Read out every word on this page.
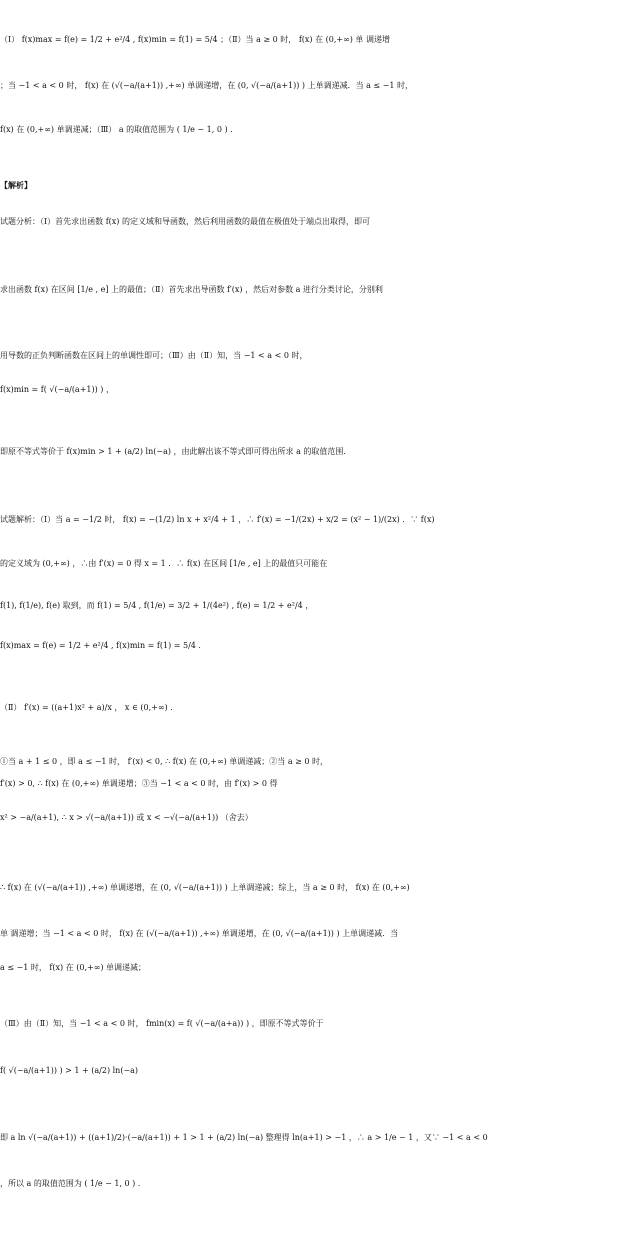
（Ⅰ） f(x)max = f(e) = 1/2 + e²/4 , f(x)min = f(1) = 5/4 ；（Ⅱ）当 a ≥ 0 时， f(x) 在 (0,+∞) 单 调递增
；当 −1 < a < 0 时， f(x) 在 (√(−a/(a+1)) ,+∞) 单调递增，在 (0, √(−a/(a+1)) ) 上单调递减．当 a ≤ −1 时，
f(x) 在 (0,+∞) 单调递减；（Ⅲ） a 的取值范围为 ( 1/e − 1, 0 ) ．
【解析】
试题分析：（Ⅰ）首先求出函数 f(x) 的定义域和导函数，然后利用函数的最值在极值处于端点出取得，即可
求出函数 f(x) 在区间 [1/e , e] 上的最值；（Ⅱ）首先求出导函数 f′(x) ，然后对参数 a 进行分类讨论，分别利
用导数的正负判断函数在区间上的单调性即可；（Ⅲ）由（Ⅱ）知，当 −1 < a < 0 时，
f(x)min = f( √(−a/(a+1)) ) ，
即原不等式等价于 f(x)min > 1 + (a/2) ln(−a) ，由此解出该不等式即可得出所求 a 的取值范围．
试题解析：（Ⅰ）当 a = −1/2 时， f(x) = −(1/2) ln x + x²/4 + 1 ，∴ f′(x) = −1/(2x) + x/2 = (x² − 1)/(2x) ．∵ f(x)
的定义域为 (0,+∞) ，∴由 f′(x) = 0 得 x = 1 ．∴ f(x) 在区间 [1/e , e] 上的最值只可能在
f(1), f(1/e), f(e) 取到，而 f(1) = 5/4 , f(1/e) = 3/2 + 1/(4e²) , f(e) = 1/2 + e²/4 ，
f(x)max = f(e) = 1/2 + e²/4 , f(x)min = f(1) = 5/4 ．
（Ⅱ） f′(x) = ((a+1)x² + a)/x ， x ∈ (0,+∞) ．
①当 a + 1 ≤ 0 ，即 a ≤ −1 时， f′(x) < 0, ∴ f(x) 在 (0,+∞) 单调递减；②当 a ≥ 0 时，
f′(x) > 0, ∴ f(x) 在 (0,+∞) 单调递增；③当 −1 < a < 0 时，由 f′(x) > 0 得
x² > −a/(a+1), ∴ x > √(−a/(a+1)) 或 x < −√(−a/(a+1)) （舍去）
∴ f(x) 在 (√(−a/(a+1)) ,+∞) 单调递增，在 (0, √(−a/(a+1)) ) 上单调递减；综上，当 a ≥ 0 时， f(x) 在 (0,+∞)
单 调递增；当 −1 < a < 0 时， f(x) 在 (√(−a/(a+1)) ,+∞) 单调递增，在 (0, √(−a/(a+1)) ) 上单调递减．当
a ≤ −1 时， f(x) 在 (0,+∞) 单调递减；
（Ⅲ）由（Ⅱ）知，当 −1 < a < 0 时， fmin(x) = f( √(−a/(a+a)) ) ，即原不等式等价于
f( √(−a/(a+1)) ) > 1 + (a/2) ln(−a)
即 a ln √(−a/(a+1)) + ((a+1)/2)·(−a/(a+1)) + 1 > 1 + (a/2) ln(−a) 整理得 ln(a+1) > −1 ，∴ a > 1/e − 1 ，又∵ −1 < a < 0
，所以 a 的取值范围为 ( 1/e − 1, 0 ) ．
